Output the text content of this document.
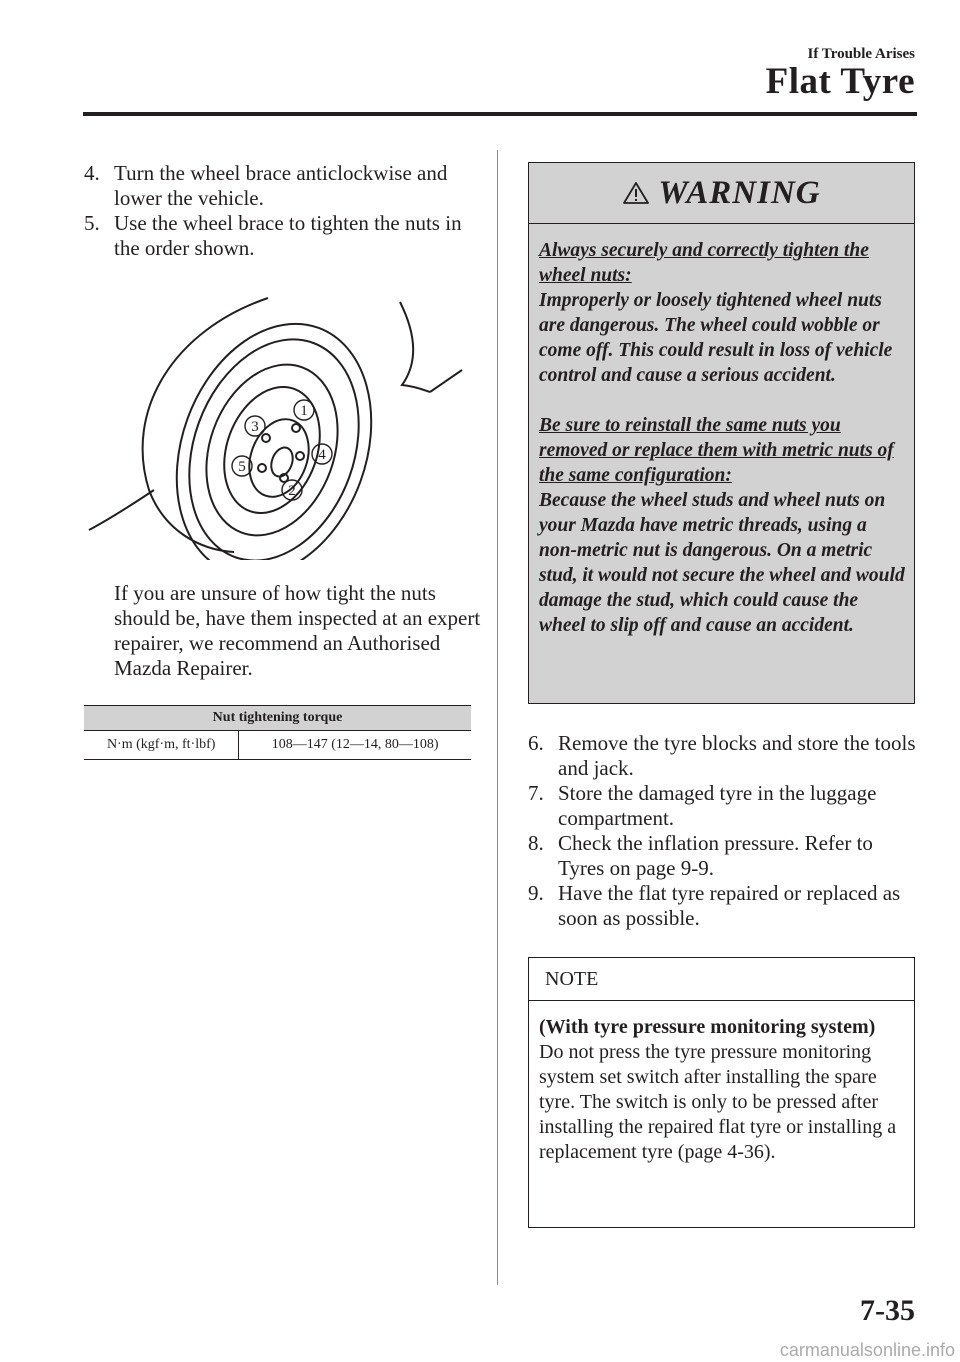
If Trouble Arises
Flat Tyre
4. Turn the wheel brace anticlockwise and lower the vehicle.
5. Use the wheel brace to tighten the nuts in the order shown.
1
2
3
4
5

If you are unsure of how tight the nuts should be, have them inspected at an expert repairer, we recommend an Authorised Mazda Repairer.

Nut tightening torque
N·m (kgf·m, ft·lbf)	108—147 (12—14, 80—108)
WARNING

Always securely and correctly tighten the wheel nuts:

Improperly or loosely tightened wheel nuts are dangerous. The wheel could wobble or come off. This could result in loss of vehicle control and cause a serious accident.

Be sure to reinstall the same nuts you removed or replace them with metric nuts of the same configuration:

Because the wheel studs and wheel nuts on your Mazda have metric threads, using a non-metric nut is dangerous. On a metric stud, it would not secure the wheel and would damage the stud, which could cause the wheel to slip off and cause an accident.

6. Remove the tyre blocks and store the tools and jack.
7. Store the damaged tyre in the luggage compartment.
8. Check the inflation pressure. Refer to Tyres on page 9-9.
9. Have the flat tyre repaired or replaced as soon as possible.
NOTE

(With tyre pressure monitoring system)

Do not press the tyre pressure monitoring system set switch after installing the spare tyre. The switch is only to be pressed after installing the repaired flat tyre or installing a replacement tyre (page 4-36).

7-35
carmanualsonline.info
